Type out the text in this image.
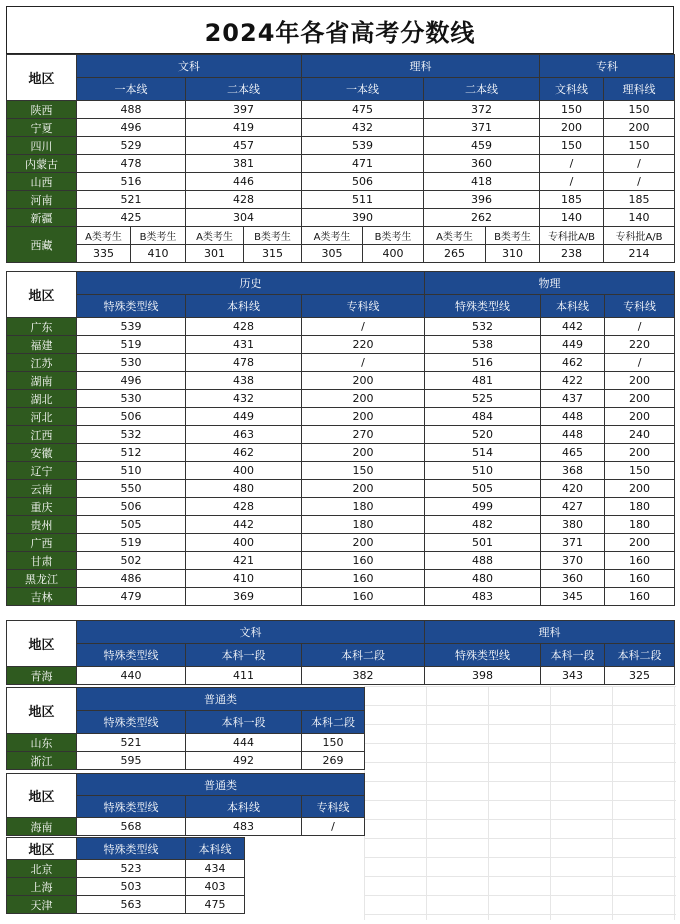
2024年各省高考分数线
地区	文科				理科				专科	
	一本线		二本线		一本线		二本线		文科线	理科线
陕西	488		397		475		372		150	150
宁夏	496		419		432		371		200	200
四川	529		457		539		459		150	150
内蒙古	478		381		471		360		/	/
山西	516		446		506		418		/	/
河南	521		428		511		396		185	185
新疆	425		304		390		262		140	140
西藏	A类考生	B类考生	A类考生	B类考生	A类考生	B类考生	A类考生	B类考生	专科批A/B	专科批A/B
	335	410	301	315	305	400	265	310	238	214
地区	历史			物理		
	特殊类型线	本科线	专科线	特殊类型线	本科线	专科线
广东	539	428	/	532	442	/
福建	519	431	220	538	449	220
江苏	530	478	/	516	462	/
湖南	496	438	200	481	422	200
湖北	530	432	200	525	437	200
河北	506	449	200	484	448	200
江西	532	463	270	520	448	240
安徽	512	462	200	514	465	200
辽宁	510	400	150	510	368	150
云南	550	480	200	505	420	200
重庆	506	428	180	499	427	180
贵州	505	442	180	482	380	180
广西	519	400	200	501	371	200
甘肃	502	421	160	488	370	160
黑龙江	486	410	160	480	360	160
吉林	479	369	160	483	345	160
地区	文科			理科		
	特殊类型线	本科一段	本科二段	特殊类型线	本科一段	本科二段
青海	440	411	382	398	343	325
地区	普通类		
	特殊类型线	本科一段	本科二段
山东	521	444	150
浙江	595	492	269
地区	普通类		
	特殊类型线	本科线	专科线
海南	568	483	/
地区	特殊类型线	本科线
北京	523	434
上海	503	403
天津	563	475
